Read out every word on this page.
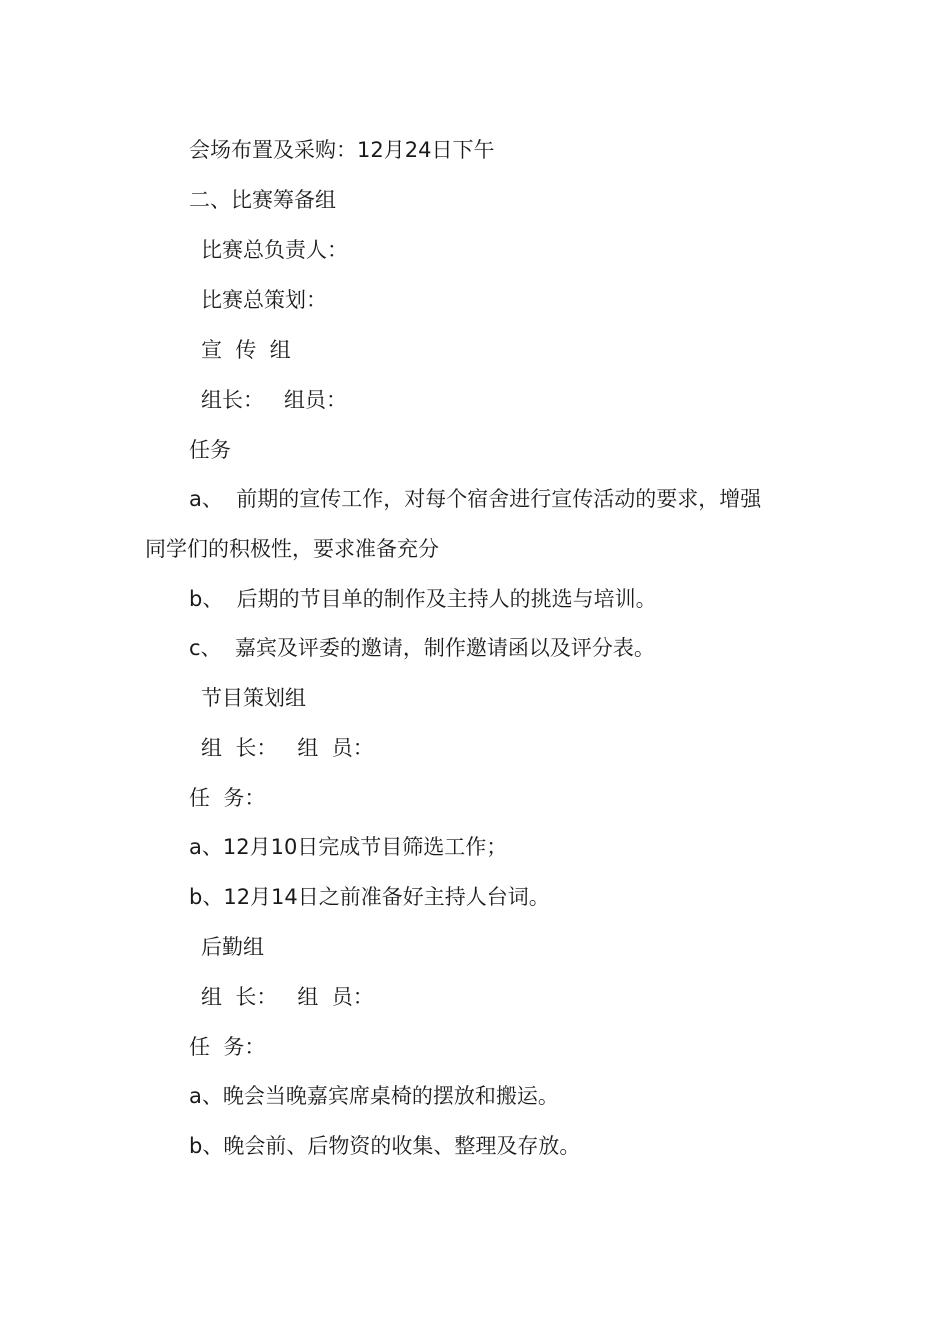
会场布置及采购：12月24日下午
二、比赛筹备组
比赛总负责人：
比赛总策划：
宣  传  组
组长：   组员：
任务
a、  前期的宣传工作，对每个宿舍进行宣传活动的要求，增强
同学们的积极性，要求准备充分
b、  后期的节目单的制作及主持人的挑选与培训。
c、  嘉宾及评委的邀请，制作邀请函以及评分表。
节目策划组
组  长：   组  员：
任  务：
a、12月10日完成节目筛选工作；
b、12月14日之前准备好主持人台词。
后勤组
组  长：   组  员：
任  务：
a、晚会当晚嘉宾席桌椅的摆放和搬运。
b、晚会前、后物资的收集、整理及存放。
